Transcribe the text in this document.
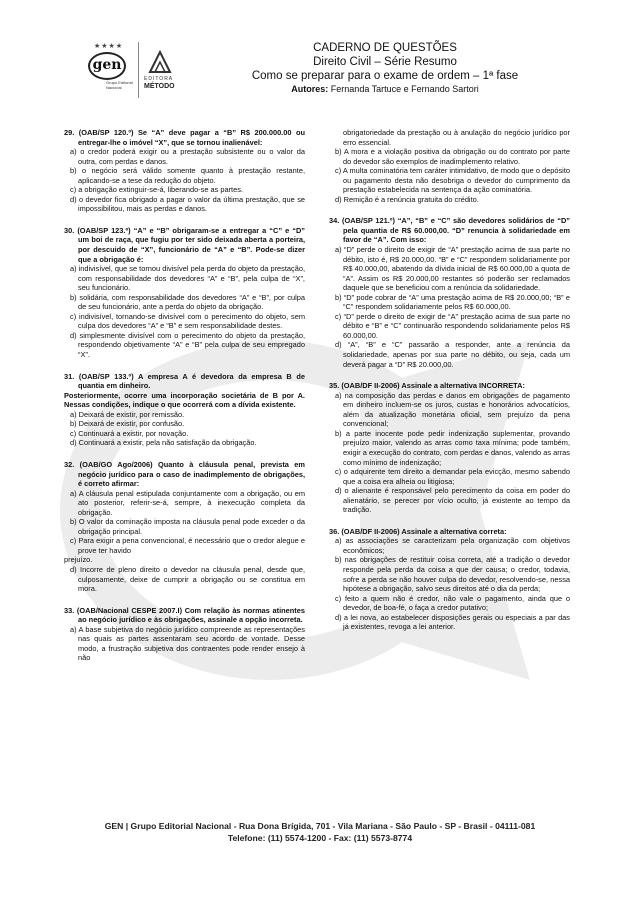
★★★★
gen
Grupo Editorial Nacional
EDITORA
MÉTODO
CADERNO DE QUESTÕES
Direito Civil – Série Resumo
Como se preparar para o exame de ordem – 1ª fase
Autores: Fernanda Tartuce e Fernando Sartori
29. (OAB/SP 120.º) Se “A” deve pagar a “B” R$ 200.000.00 ou entregar-lhe o imóvel “X”, que se tornou inalienável:
a) o credor poderá exigir ou a prestação subsistente ou o valor da outra, com perdas e danos.
b) o negócio será válido somente quanto à prestação restante, aplicando-se a tese da redução do objeto.
c) a obrigação extinguir-se-á, liberando-se as partes.
d) o devedor fica obrigado a pagar o valor da última prestação, que se impossibilitou, mais as perdas e danos.
30. (OAB/SP 123.º) “A” e “B” obrigaram-se a entregar a “C” e “D” um boi de raça, que fugiu por ter sido deixada aberta a porteira, por descuido de “X”, funcionário de “A” e “B”. Pode-se dizer que a obrigação é:
a) indivisível, que se tornou divisível pela perda do objeto da prestação, com responsabilidade dos devedores “A” e “B”, pela culpa de “X”, seu funcionário.
b) solidária, com responsabilidade dos devedores “A” e “B”, por culpa de seu funcionário, ante a perda do objeto da obrigação.
c) indivisível, tornando-se divisível com o perecimento do objeto, sem culpa dos devedores “A” e “B” e sem responsabilidade destes.
d) simplesmente divisível com o perecimento do objeto da prestação, respondendo objetivamente “A” e “B” pela culpa de seu empregado “X”.
31. (OAB/SP 133.º) A empresa A é devedora da empresa B de quantia em dinheiro.
Posteriormente, ocorre uma incorporação societária de B por A. Nessas condições, indique o que ocorrerá com a dívida existente.
a) Deixará de existir, por remissão.
b) Deixará de existir, por confusão.
c) Continuará a existir, por novação.
d) Continuará a existir, pela não satisfação da obrigação.
32. (OAB/GO Ago/2006) Quanto à cláusula penal, prevista em negócio jurídico para o caso de inadimplemento de obrigações, é correto afirmar:
a) A cláusula penal estipulada conjuntamente com a obrigação, ou em ato posterior, referir-se-á, sempre, à inexecução completa da obrigação.
b) O valor da cominação imposta na cláusula penal pode exceder o da obrigação principal.
c) Para exigir a pena convencional, é necessário que o credor alegue e prove ter havido
prejuízo.
d) Incorre de pleno direito o devedor na cláusula penal, desde que, culposamente, deixe de cumprir a obrigação ou se constitua em mora.
33. (OAB/Nacional CESPE 2007.I) Com relação às normas atinentes ao negócio jurídico e às obrigações, assinale a opção incorreta.
a) A base subjetiva do negócio jurídico compreende as representações nas quais as partes assentaram seu acordo de vontade. Desse modo, a frustração subjetiva dos contraentes pode render ensejo à não
obrigatoriedade da prestação ou à anulação do negócio jurídico por erro essencial.
b) A mora e a violação positiva da obrigação ou do contrato por parte do devedor são exemplos de inadimplemento relativo.
c) A multa cominatória tem caráter intimidativo, de modo que o depósito ou pagamento desta não desobriga o devedor do cumprimento da prestação estabelecida na sentença da ação cominatória.
d) Remição é a renúncia gratuita do crédito.
34. (OAB/SP 121.º) “A”, “B” e “C” são devedores solidários de “D” pela quantia de R$ 60.000,00. “D” renuncia à solidariedade em favor de “A”. Com isso:
a) “D” perde o direito de exigir de “A” prestação acima de sua parte no débito, isto é, R$ 20.000,00. “B” e “C” respondem solidariamente por R$ 40.000,00, abatendo da dívida inicial de R$ 60.000,00 a quota de “A”. Assim os R$ 20.000,00 restantes só poderão ser reclamados daquele que se beneficiou com a renúncia da solidariedade.
b) “D” pode cobrar de “A” uma prestação acima de R$ 20.000,00; “B” e “C” respondem solidariamente pelos R$ 60.000,00.
c) “D” perde o direito de exigir de “A” prestação acima de sua parte no débito e “B” e “C” continuarão respondendo solidariamente pelos R$ 60.000,00.
d) “A”, “B” e “C” passarão a responder, ante a renúncia da solidariedade, apenas por sua parte no débito, ou seja, cada um deverá pagar a “D” R$ 20.000,00.
35. (OAB/DF II-2006) Assinale a alternativa INCORRETA:
a) na composição das perdas e danos em obrigações de pagamento em dinheiro incluem-se os juros, custas e honorários advocatícios, além da atualização monetária oficial, sem prejuízo da pena convencional;
b) a parte inocente pode pedir indenização suplementar, provando prejuízo maior, valendo as arras como taxa mínima; pode também, exigir a execução do contrato, com perdas e danos, valendo as arras como mínimo de indenização;
c) o adquirente tem direito a demandar pela evicção, mesmo sabendo que a coisa era alheia ou litigiosa;
d) o alienante é responsável pelo perecimento da coisa em poder do alienatário, se perecer por vício oculto, já existente ao tempo da tradição.
36. (OAB/DF II-2006) Assinale a alternativa correta:
a) as associações se caracterizam pela organização com objetivos econômicos;
b) nas obrigações de restituir coisa correta, até a tradição o devedor responde pela perda da coisa a que der causa; o credor, todavia, sofre a perda se não houver culpa do devedor, resolvendo-se, nessa hipótese a obrigação, salvo seus direitos até o dia da perda;
c) feito a quem não é credor, não vale o pagamento, ainda que o devedor, de boa-fé, o faça a credor putativo;
d) a lei nova, ao estabelecer disposições gerais ou especiais a par das já existentes, revoga a lei anterior.
GEN | Grupo Editorial Nacional - Rua Dona Brígida, 701 - Vila Mariana - São Paulo - SP - Brasil - 04111-081
Telefone: (11) 5574-1200 - Fax: (11) 5573-8774
